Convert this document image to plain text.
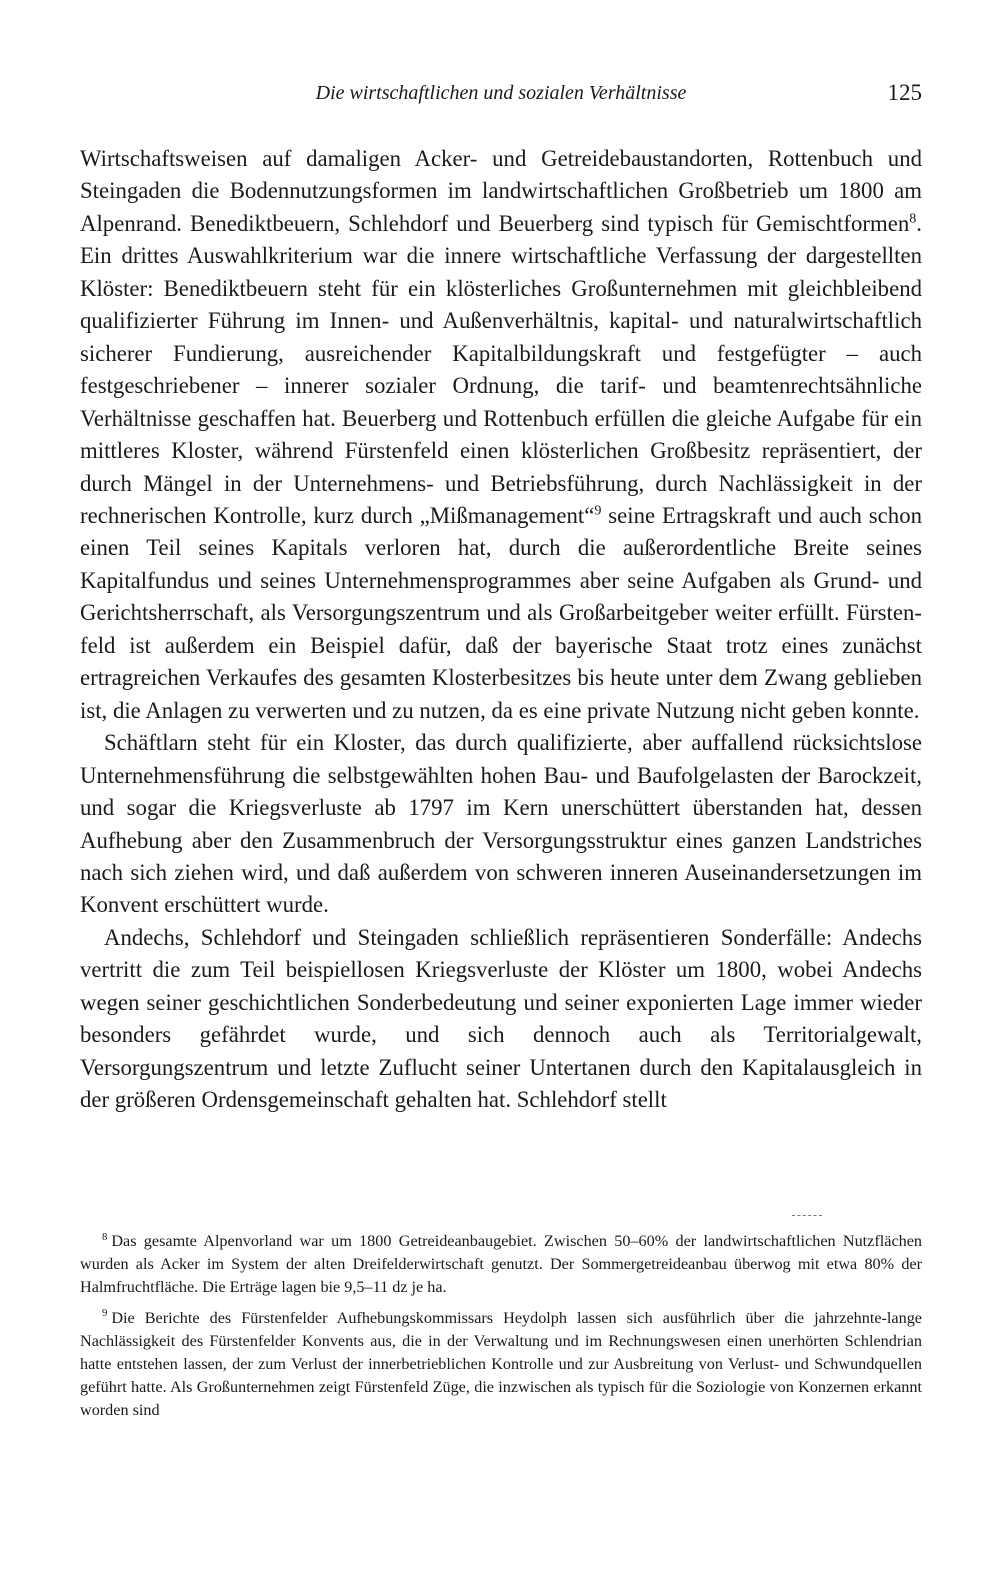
Die wirtschaftlichen und sozialen Verhältnisse	125

Wirtschaftsweisen auf damaligen Acker- und Getreidebaustandorten, Rottenbuch und Steingaden die Bodennutzungsformen im landwirtschaftlichen Großbetrieb um 1800 am Alpenrand. Benediktbeuern, Schlehdorf und Beuerberg sind typisch für Gemischtformen$^8$. Ein drittes Auswahlkriterium war die innere wirtschaftliche Verfassung der dargestellten Klöster: Benediktbeuern steht für ein klösterliches Großunternehmen mit gleichbleibend qualifizierter Führung im Innen- und Außenverhältnis, kapital- und naturalwirtschaftlich sicherer Fundierung, ausreichender Kapitalbildungskraft und festgefügter – auch festgeschriebener – innerer sozialer Ordnung, die tarif- und beamtenrechtsähnliche Verhältnisse geschaffen hat. Beuerberg und Rottenbuch erfüllen die gleiche Aufgabe für ein mittleres Kloster, während Fürstenfeld einen klösterlichen Großbesitz repräsentiert, der durch Mängel in der Unternehmens- und Betriebsführung, durch Nachlässigkeit in der rechnerischen Kontrolle, kurz durch „Mißmanagement“$^9$ seine Ertragskraft und auch schon einen Teil seines Kapitals verloren hat, durch die außerordentliche Breite seines Kapitalfundus und seines Unternehmensprogrammes aber seine Aufgaben als Grund- und Gerichtsherrschaft, als Versorgungszentrum und als Großarbeitgeber weiter erfüllt. Fürstenfeld ist außerdem ein Beispiel dafür, daß der bayerische Staat trotz eines zunächst ertragreichen Verkaufes des gesamten Klosterbesitzes bis heute unter dem Zwang geblieben ist, die Anlagen zu verwerten und zu nutzen, da es eine private Nutzung nicht geben konnte.

Schäftlarn steht für ein Kloster, das durch qualifizierte, aber auffallend rücksichtslose Unternehmensführung die selbstgewählten hohen Bau- und Baufolgelasten der Barockzeit, und sogar die Kriegsverluste ab 1797 im Kern unerschüttert überstanden hat, dessen Aufhebung aber den Zusammenbruch der Versorgungsstruktur eines ganzen Landstriches nach sich ziehen wird, und daß außerdem von schweren inneren Auseinandersetzungen im Konvent erschüttert wurde.

Andechs, Schlehdorf und Steingaden schließlich repräsentieren Sonderfälle: Andechs vertritt die zum Teil beispiellosen Kriegsverluste der Klöster um 1800, wobei Andechs wegen seiner geschichtlichen Sonderbedeutung und seiner exponierten Lage immer wieder besonders gefährdet wurde, und sich dennoch auch als Territorialgewalt, Versorgungszentrum und letzte Zuflucht seiner Untertanen durch den Kapitalausgleich in der größeren Ordensgemeinschaft gehalten hat. Schlehdorf stellt

$^8$ Das gesamte Alpenvorland war um 1800 Getreideanbaugebiet. Zwischen 50–60% der landwirtschaftlichen Nutzflächen wurden als Acker im System der alten Dreifelderwirtschaft genutzt. Der Sommergetreideanbau überwog mit etwa 80% der Halmfruchtfläche. Die Erträge lagen bie 9,5–11 dz je ha.

$^9$ Die Berichte des Fürstenfelder Aufhebungskommissars Heydolph lassen sich ausführlich über die jahrzehnte-lange Nachlässigkeit des Fürstenfelder Konvents aus, die in der Verwaltung und im Rechnungswesen einen unerhörten Schlendrian hatte entstehen lassen, der zum Verlust der innerbetrieblichen Kontrolle und zur Ausbreitung von Verlust- und Schwundquellen geführt hatte. Als Großunternehmen zeigt Fürstenfeld Züge, die inzwischen als typisch für die Soziologie von Konzernen erkannt worden sind
